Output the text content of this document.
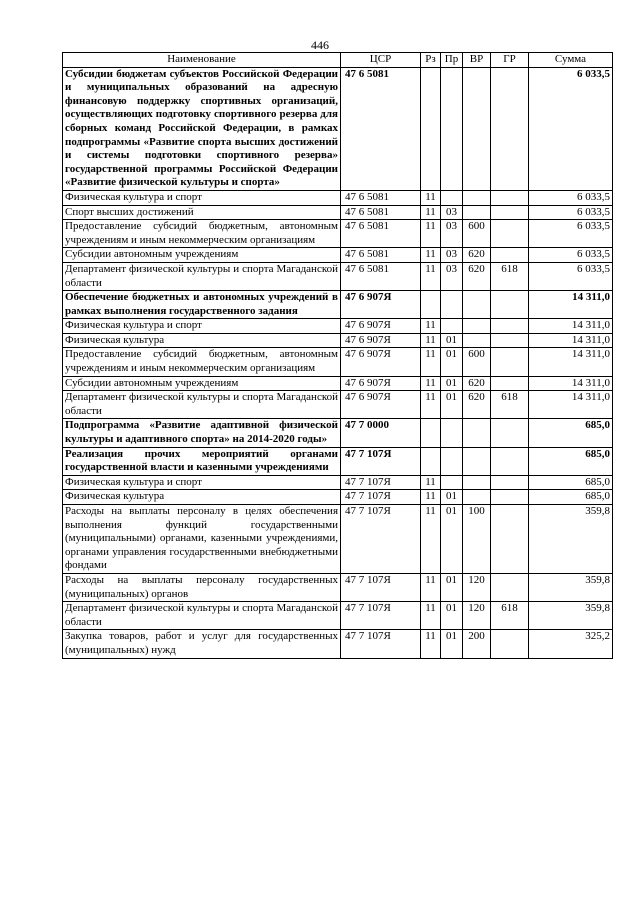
446
Наименование	ЦСР	Рз	Пр	ВР	ГР	Сумма
Субсидии бюджетам субъектов Российской Федерации и муниципальных образований на адресную финансовую поддержку спортивных организаций, осуществляющих подготовку спортивного резерва для сборных команд Российской Федерации, в рамках подпрограммы «Развитие спорта высших достижений и системы подготовки спортивного резерва» государственной программы Российской Федерации «Развитие физической культуры и спорта»	47 6 5081					6 033,5
Физическая культура и спорт	47 6 5081	11				6 033,5
Спорт высших достижений	47 6 5081	11	03			6 033,5
Предоставление субсидий бюджетным, автономным учреждениям и иным некоммерческим организациям	47 6 5081	11	03	600		6 033,5
Субсидии автономным учреждениям	47 6 5081	11	03	620		6 033,5
Департамент физической культуры и спорта Магаданской области	47 6 5081	11	03	620	618	6 033,5
Обеспечение бюджетных и автономных учреждений в рамках выполнения государственного задания	47 6 907Я					14 311,0
Физическая культура и спорт	47 6 907Я	11				14 311,0
Физическая культура	47 6 907Я	11	01			14 311,0
Предоставление субсидий бюджетным, автономным учреждениям и иным некоммерческим организациям	47 6 907Я	11	01	600		14 311,0
Субсидии автономным учреждениям	47 6 907Я	11	01	620		14 311,0
Департамент физической культуры и спорта Магаданской области	47 6 907Я	11	01	620	618	14 311,0
Подпрограмма «Развитие адаптивной физической культуры и адаптивного спорта» на 2014-2020 годы»	47 7 0000					685,0
Реализация прочих мероприятий органами государственной власти и казенными учреждениями	47 7 107Я					685,0
Физическая культура и спорт	47 7 107Я	11				685,0
Физическая культура	47 7 107Я	11	01			685,0
Расходы на выплаты персоналу в целях обеспечения выполнения функций государственными (муниципальными) органами, казенными учреждениями, органами управления государственными внебюджетными фондами	47 7 107Я	11	01	100		359,8
Расходы на выплаты персоналу государственных (муниципальных) органов	47 7 107Я	11	01	120		359,8
Департамент физической культуры и спорта Магаданской области	47 7 107Я	11	01	120	618	359,8
Закупка товаров, работ и услуг для государственных (муниципальных) нужд	47 7 107Я	11	01	200		325,2
